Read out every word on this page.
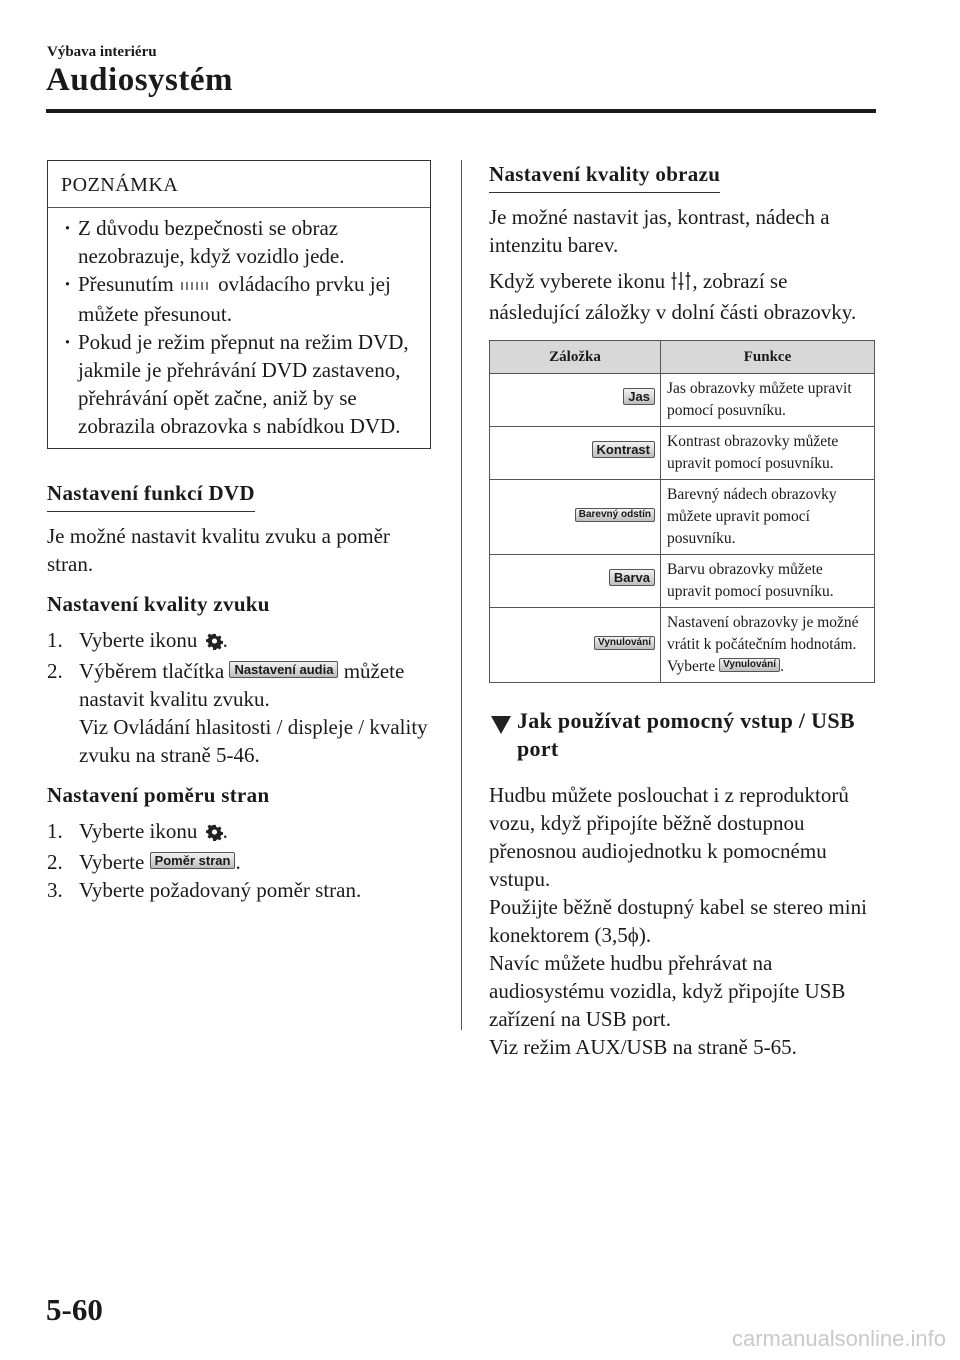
Výbava interiéru
Audiosystém
POZNÁMKA
· Z důvodu bezpečnosti se obraz nezobrazuje, když vozidlo jede.
· Přesunutím  ovládacího prvku jej můžete přesunout.
· Pokud je režim přepnut na režim DVD, jakmile je přehrávání DVD zastaveno, přehrávání opět začne, aniž by se zobrazila obrazovka s nabídkou DVD.
Nastavení funkcí DVD

Je možné nastavit kvalitu zvuku a poměr stran.

Nastavení kvality zvuku
1. Vyberte ikonu .
2. Výběrem tlačítka Nastavení audia můžete nastavit kvalitu zvuku.
Viz Ovládání hlasitosti / displeje / kvality zvuku na straně 5-46.
Nastavení poměru stran
1. Vyberte ikonu .
2. Vyberte Poměr stran .
3. Vyberte požadovaný poměr stran.
Nastavení kvality obrazu

Je možné nastavit jas, kontrast, nádech a intenzitu barev.

Když vyberete ikonu , zobrazí se následující záložky v dolní části obrazovky.

Záložka	Funkce
Jas	Jas obrazovky můžete upravit pomocí posuvníku.
Kontrast	Kontrast obrazovky můžete upravit pomocí posuvníku.
Barevný odstín	Barevný nádech obrazovky můžete upravit pomocí posuvníku.
Barva	Barvu obrazovky můžete upravit pomocí posuvníku.
Vynulování	Nastavení obrazovky je možné vrátit k počátečním hodnotám. Vyberte Vynulování .
Jak používat pomocný vstup / USB port

Hudbu můžete poslouchat i z reproduktorů vozu, když připojíte běžně dostupnou přenosnou audiojednotku k pomocnému vstupu.

Použijte běžně dostupný kabel se stereo mini konektorem (3,5ϕ).

Navíc můžete hudbu přehrávat na audiosystému vozidla, když připojíte USB zařízení na USB port.

Viz režim AUX/USB na straně 5-65.

5-60
carmanualsonline.info
